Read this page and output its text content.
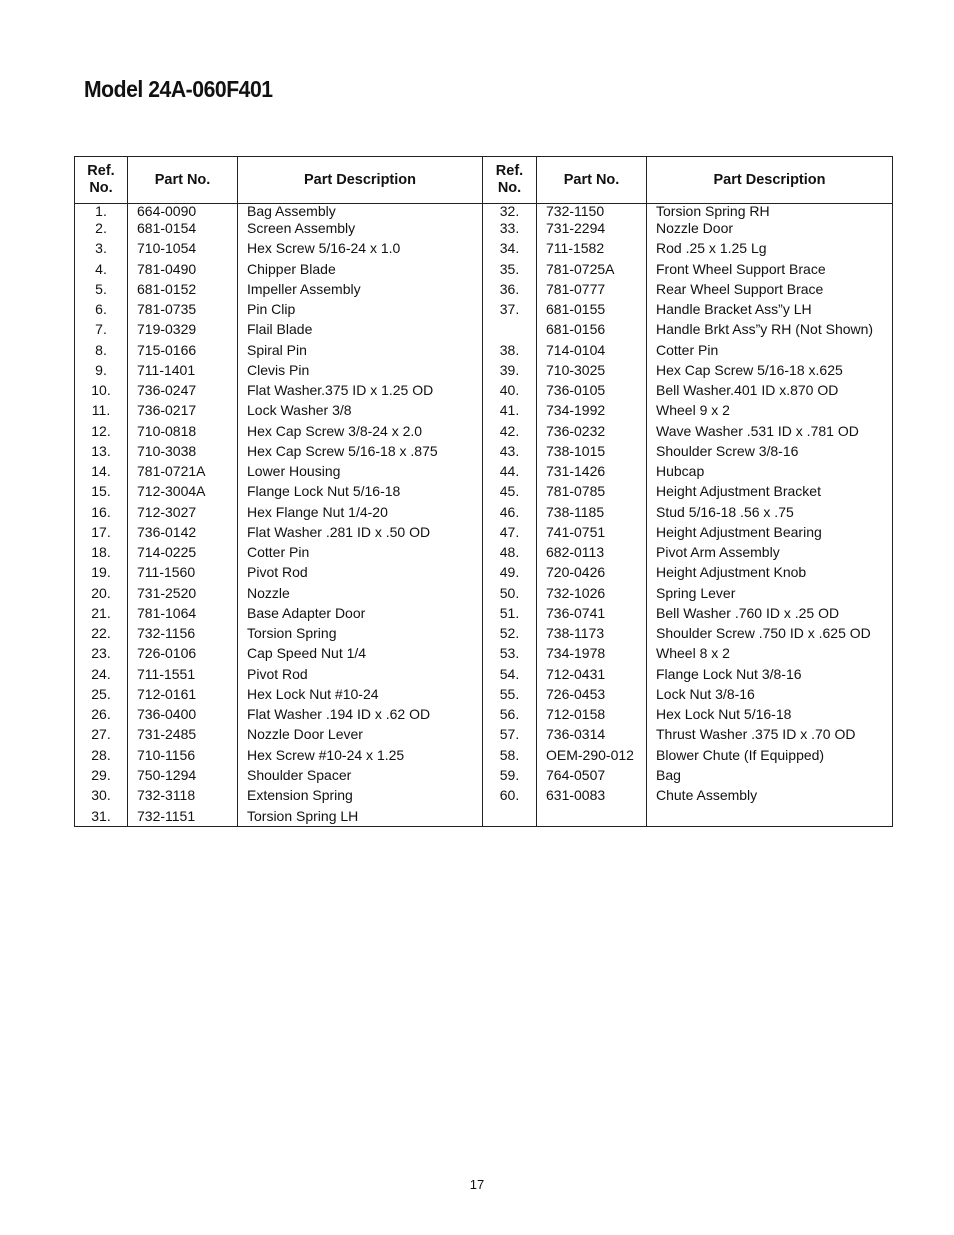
Model 24A-060F401
Ref. No.	Part No.	Part Description	Ref. No.	Part No.	Part Description
1.	664-0090	Bag Assembly	32.	732-1150	Torsion Spring RH
2.	681-0154	Screen Assembly	33.	731-2294	Nozzle Door
3.	710-1054	Hex Screw 5/16-24 x 1.0	34.	711-1582	Rod .25 x 1.25 Lg
4.	781-0490	Chipper Blade	35.	781-0725A	Front Wheel Support Brace
5.	681-0152	Impeller Assembly	36.	781-0777	Rear Wheel Support Brace
6.	781-0735	Pin Clip	37.	681-0155	Handle Bracket Ass”y LH
7.	719-0329	Flail Blade		681-0156	Handle Brkt Ass”y RH (Not Shown)
8.	715-0166	Spiral Pin	38.	714-0104	Cotter Pin
9.	711-1401	Clevis Pin	39.	710-3025	Hex Cap Screw 5/16-18 x.625
10.	736-0247	Flat Washer.375 ID x 1.25 OD	40.	736-0105	Bell Washer.401 ID x.870 OD
11.	736-0217	Lock Washer 3/8	41.	734-1992	Wheel 9 x 2
12.	710-0818	Hex Cap Screw 3/8-24 x 2.0	42.	736-0232	Wave Washer .531 ID x .781 OD
13.	710-3038	Hex Cap Screw 5/16-18 x .875	43.	738-1015	Shoulder Screw 3/8-16
14.	781-0721A	Lower Housing	44.	731-1426	Hubcap
15.	712-3004A	Flange Lock Nut 5/16-18	45.	781-0785	Height Adjustment Bracket
16.	712-3027	Hex Flange Nut 1/4-20	46.	738-1185	Stud 5/16-18 .56 x .75
17.	736-0142	Flat Washer .281 ID x .50 OD	47.	741-0751	Height Adjustment Bearing
18.	714-0225	Cotter Pin	48.	682-0113	Pivot Arm Assembly
19.	711-1560	Pivot Rod	49.	720-0426	Height Adjustment Knob
20.	731-2520	Nozzle	50.	732-1026	Spring Lever
21.	781-1064	Base Adapter Door	51.	736-0741	Bell Washer .760 ID x .25 OD
22.	732-1156	Torsion Spring	52.	738-1173	Shoulder Screw .750 ID x .625 OD
23.	726-0106	Cap Speed Nut 1/4	53.	734-1978	Wheel 8 x 2
24.	711-1551	Pivot Rod	54.	712-0431	Flange Lock Nut 3/8-16
25.	712-0161	Hex Lock Nut #10-24	55.	726-0453	Lock Nut 3/8-16
26.	736-0400	Flat Washer .194 ID x .62 OD	56.	712-0158	Hex Lock Nut 5/16-18
27.	731-2485	Nozzle Door Lever	57.	736-0314	Thrust Washer .375 ID x .70 OD
28.	710-1156	Hex Screw #10-24 x 1.25	58.	OEM-290-012	Blower Chute (If Equipped)
29.	750-1294	Shoulder Spacer	59.	764-0507	Bag
30.	732-3118	Extension Spring	60.	631-0083	Chute Assembly
31.	732-1151	Torsion Spring LH			
17
